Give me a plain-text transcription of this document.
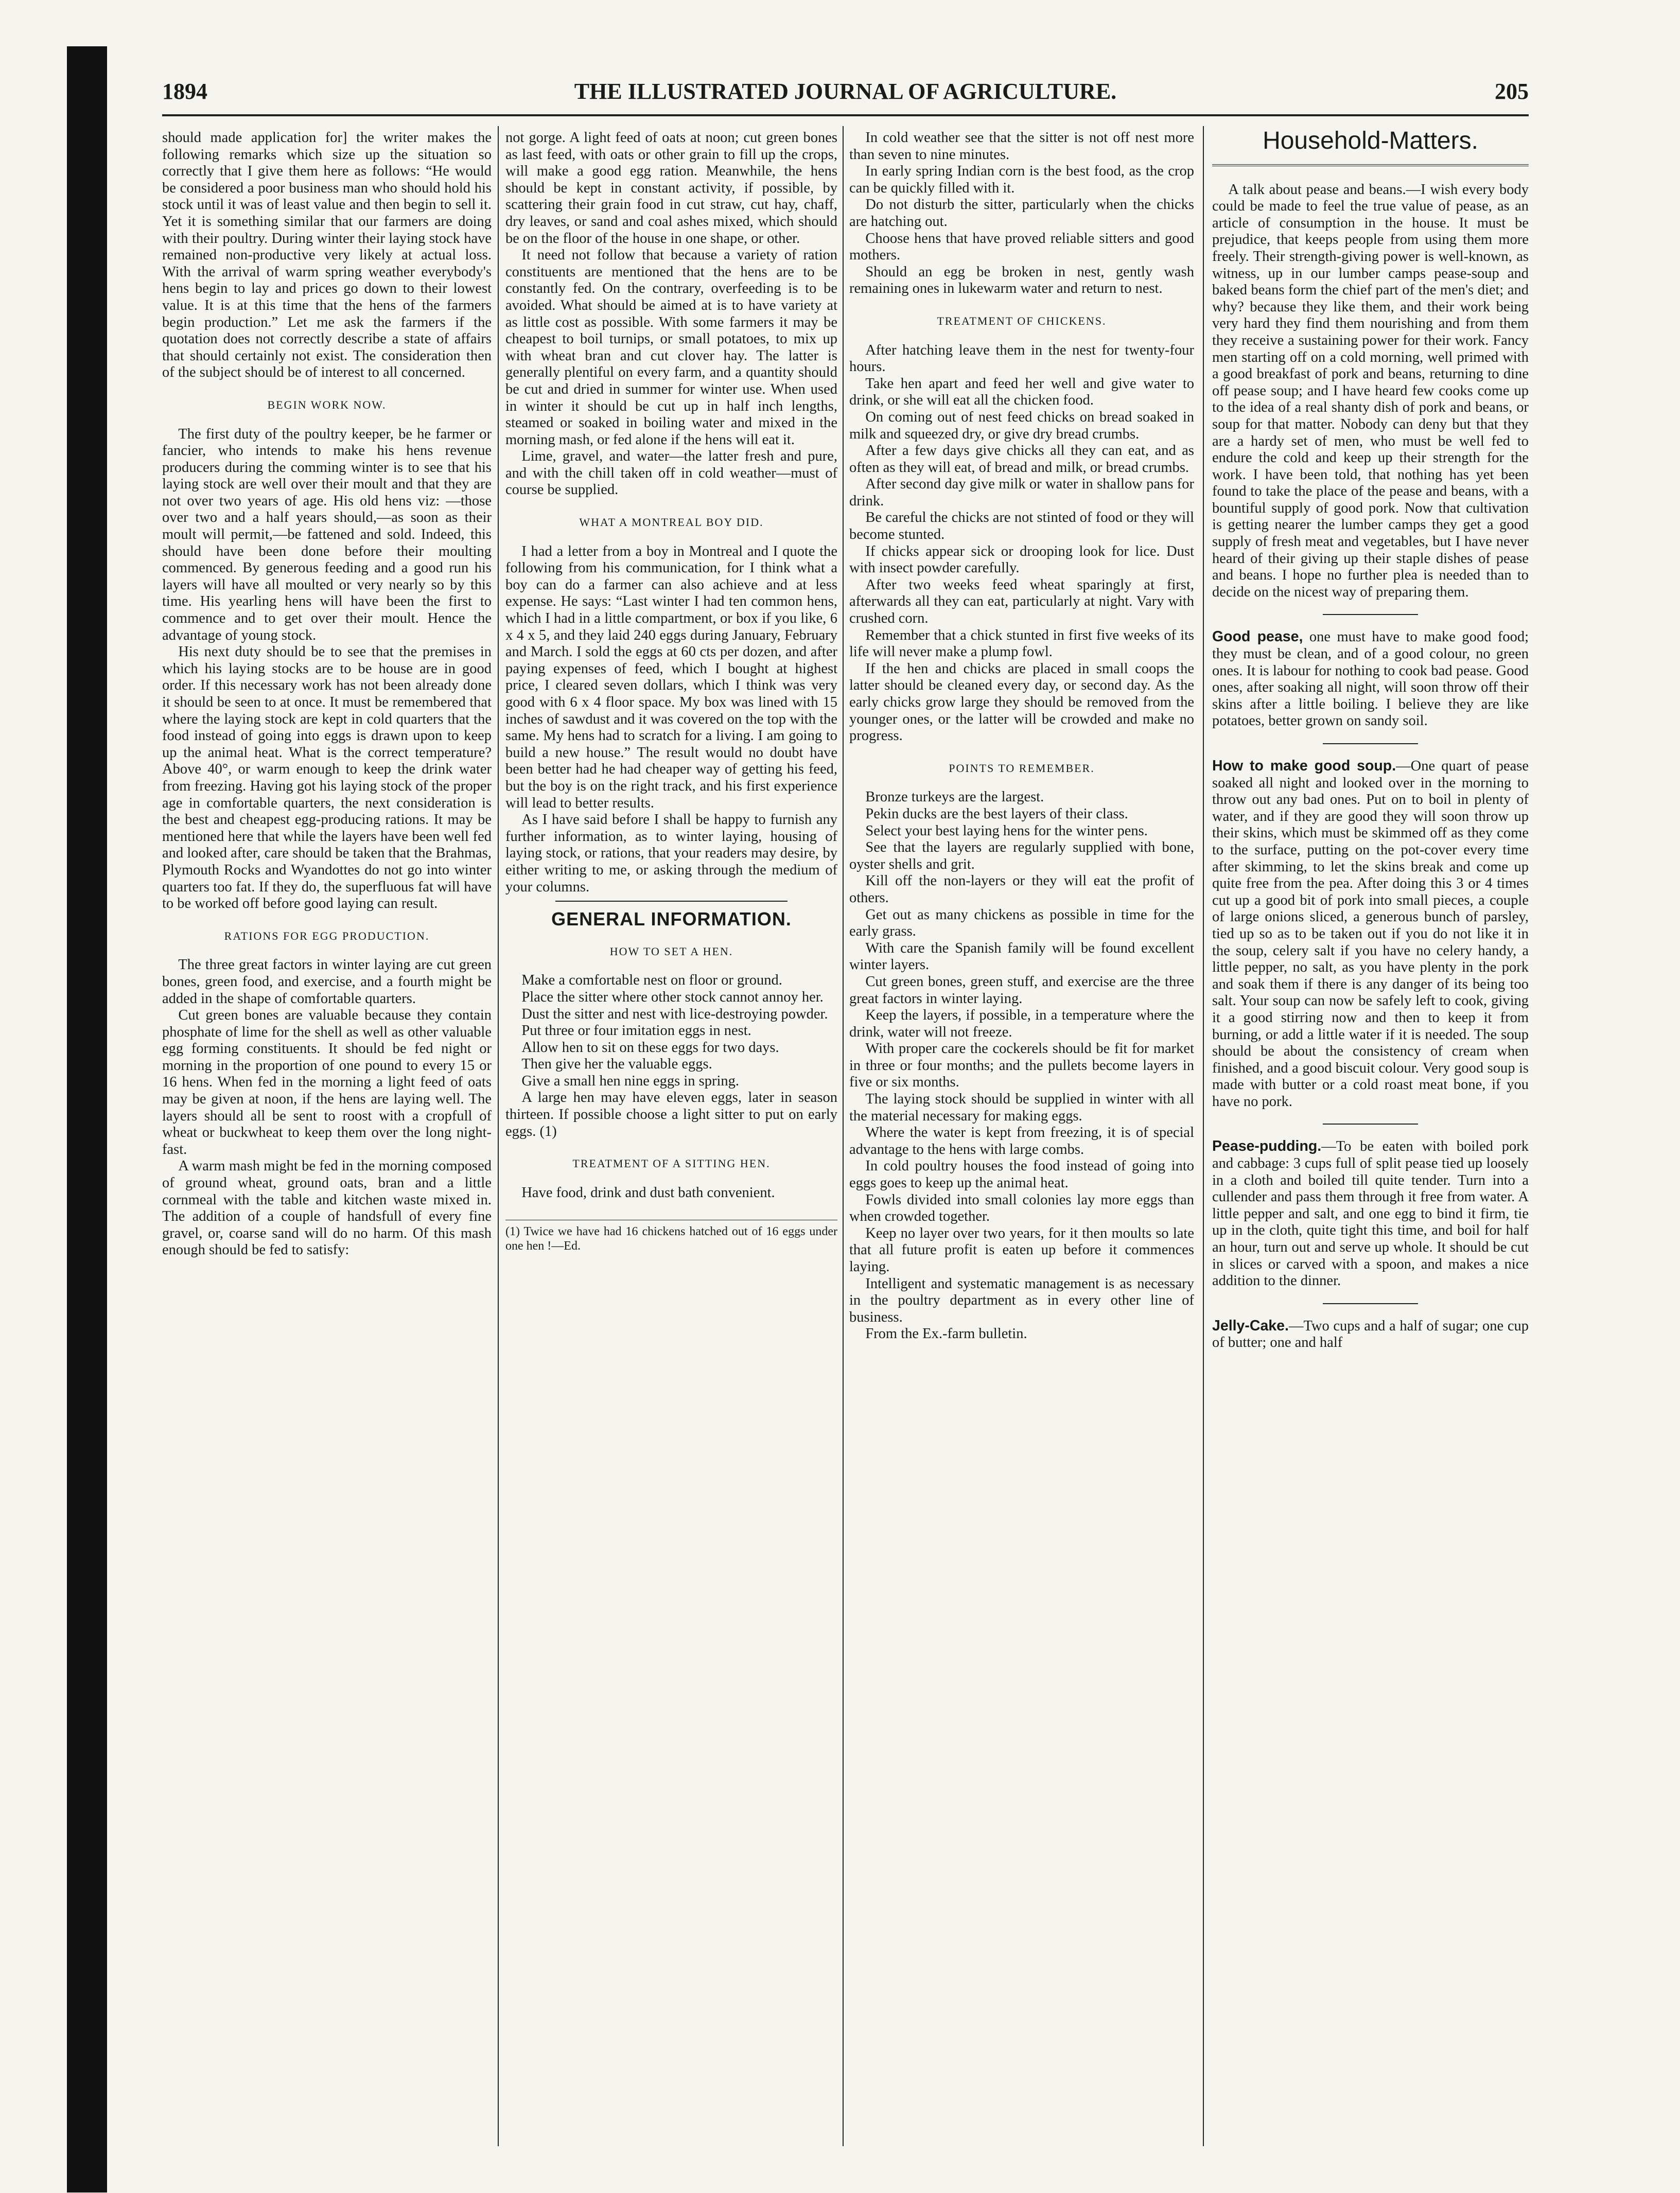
1894	THE ILLUSTRATED JOURNAL OF AGRICULTURE.	205

should made application for] the writer makes the following remarks which size up the situation so correctly that I give them here as follows: “He would be considered a poor business man who should hold his stock until it was of least value and then begin to sell it. Yet it is something similar that our farmers are doing with their poultry. During winter their laying stock have remained non-productive very likely at actual loss. With the arrival of warm spring weather everybody's hens begin to lay and prices go down to their lowest value. It is at this time that the hens of the farmers begin production.” Let me ask the farmers if the quotation does not correctly describe a state of affairs that should certainly not exist. The consideration then of the subject should be of interest to all concerned.

BEGIN WORK NOW.

The first duty of the poultry keeper, be he farmer or fancier, who intends to make his hens revenue producers during the comming winter is to see that his laying stock are well over their moult and that they are not over two years of age. His old hens viz: —those over two and a half years should,—as soon as their moult will permit,—be fattened and sold. Indeed, this should have been done before their moulting commenced. By generous feeding and a good run his layers will have all moulted or very nearly so by this time. His yearling hens will have been the first to commence and to get over their moult. Hence the advantage of young stock.

His next duty should be to see that the premises in which his laying stocks are to be house are in good order. If this necessary work has not been already done it should be seen to at once. It must be remembered that where the laying stock are kept in cold quarters that the food instead of going into eggs is drawn upon to keep up the animal heat. What is the correct temperature? Above 40°, or warm enough to keep the drink water from freezing. Having got his laying stock of the proper age in comfortable quarters, the next consideration is the best and cheapest egg-producing rations. It may be mentioned here that while the layers have been well fed and looked after, care should be taken that the Brahmas, Plymouth Rocks and Wyandottes do not go into winter quarters too fat. If they do, the superfluous fat will have to be worked off before good laying can result.

RATIONS FOR EGG PRODUCTION.

The three great factors in winter laying are cut green bones, green food, and exercise, and a fourth might be added in the shape of comfortable quarters.

Cut green bones are valuable because they contain phosphate of lime for the shell as well as other valuable egg forming constituents. It should be fed night or morning in the proportion of one pound to every 15 or 16 hens. When fed in the morning a light feed of oats may be given at noon, if the hens are laying well. The layers should all be sent to roost with a cropfull of wheat or buckwheat to keep them over the long night-fast.

A warm mash might be fed in the morning composed of ground wheat, ground oats, bran and a little cornmeal with the table and kitchen waste mixed in. The addition of a couple of handsfull of every fine gravel, or, coarse sand will do no harm. Of this mash enough should be fed to satisfy:

not gorge. A light feed of oats at noon; cut green bones as last feed, with oats or other grain to fill up the crops, will make a good egg ration. Meanwhile, the hens should be kept in constant activity, if possible, by scattering their grain food in cut straw, cut hay, chaff, dry leaves, or sand and coal ashes mixed, which should be on the floor of the house in one shape, or other.

It need not follow that because a variety of ration constituents are mentioned that the hens are to be constantly fed. On the contrary, overfeeding is to be avoided. What should be aimed at is to have variety at as little cost as possible. With some farmers it may be cheapest to boil turnips, or small potatoes, to mix up with wheat bran and cut clover hay. The latter is generally plentiful on every farm, and a quantity should be cut and dried in summer for winter use. When used in winter it should be cut up in half inch lengths, steamed or soaked in boiling water and mixed in the morning mash, or fed alone if the hens will eat it.

Lime, gravel, and water—the latter fresh and pure, and with the chill taken off in cold weather—must of course be supplied.

WHAT A MONTREAL BOY DID.

I had a letter from a boy in Montreal and I quote the following from his communication, for I think what a boy can do a farmer can also achieve and at less expense. He says: “Last winter I had ten common hens, which I had in a little compartment, or box if you like, 6 x 4 x 5, and they laid 240 eggs during January, February and March. I sold the eggs at 60 cts per dozen, and after paying expenses of feed, which I bought at highest price, I cleared seven dollars, which I think was very good with 6 x 4 floor space. My box was lined with 15 inches of sawdust and it was covered on the top with the same. My hens had to scratch for a living. I am going to build a new house.” The result would no doubt have been better had he had cheaper way of getting his feed, but the boy is on the right track, and his first experience will lead to better results.

As I have said before I shall be happy to furnish any further information, as to winter laying, housing of laying stock, or rations, that your readers may desire, by either writing to me, or asking through the medium of your columns.

GENERAL INFORMATION.
HOW TO SET A HEN.

Make a comfortable nest on floor or ground.

Place the sitter where other stock cannot annoy her.

Dust the sitter and nest with lice-destroying powder.

Put three or four imitation eggs in nest.

Allow hen to sit on these eggs for two days.

Then give her the valuable eggs.

Give a small hen nine eggs in spring.

A large hen may have eleven eggs, later in season thirteen. If possible choose a light sitter to put on early eggs. (1)

TREATMENT OF A SITTING HEN.

Have food, drink and dust bath convenient.

(1) Twice we have had 16 chickens hatched out of 16 eggs under one hen !—Ed.

In cold weather see that the sitter is not off nest more than seven to nine minutes.

In early spring Indian corn is the best food, as the crop can be quickly filled with it.

Do not disturb the sitter, particularly when the chicks are hatching out.

Choose hens that have proved reliable sitters and good mothers.

Should an egg be broken in nest, gently wash remaining ones in lukewarm water and return to nest.

TREATMENT OF CHICKENS.

After hatching leave them in the nest for twenty-four hours.

Take hen apart and feed her well and give water to drink, or she will eat all the chicken food.

On coming out of nest feed chicks on bread soaked in milk and squeezed dry, or give dry bread crumbs.

After a few days give chicks all they can eat, and as often as they will eat, of bread and milk, or bread crumbs.

After second day give milk or water in shallow pans for drink.

Be careful the chicks are not stinted of food or they will become stunted.

If chicks appear sick or drooping look for lice. Dust with insect powder carefully.

After two weeks feed wheat sparingly at first, afterwards all they can eat, particularly at night. Vary with crushed corn.

Remember that a chick stunted in first five weeks of its life will never make a plump fowl.

If the hen and chicks are placed in small coops the latter should be cleaned every day, or second day. As the early chicks grow large they should be removed from the younger ones, or the latter will be crowded and make no progress.

POINTS TO REMEMBER.

Bronze turkeys are the largest.

Pekin ducks are the best layers of their class.

Select your best laying hens for the winter pens.

See that the layers are regularly supplied with bone, oyster shells and grit.

Kill off the non-layers or they will eat the profit of others.

Get out as many chickens as possible in time for the early grass.

With care the Spanish family will be found excellent winter layers.

Cut green bones, green stuff, and exercise are the three great factors in winter laying.

Keep the layers, if possible, in a temperature where the drink, water will not freeze.

With proper care the cockerels should be fit for market in three or four months; and the pullets become layers in five or six months.

The laying stock should be supplied in winter with all the material necessary for making eggs.

Where the water is kept from freezing, it is of special advantage to the hens with large combs.

In cold poultry houses the food instead of going into eggs goes to keep up the animal heat.

Fowls divided into small colonies lay more eggs than when crowded together.

Keep no layer over two years, for it then moults so late that all future profit is eaten up before it commences laying.

Intelligent and systematic management is as necessary in the poultry department as in every other line of business.

From the Ex.-farm bulletin.

Household-Matters.

A talk about pease and beans.—I wish every body could be made to feel the true value of pease, as an article of consumption in the house. It must be prejudice, that keeps people from using them more freely. Their strength-giving power is well-known, as witness, up in our lumber camps pease-soup and baked beans form the chief part of the men's diet; and why? because they like them, and their work being very hard they find them nourishing and from them they receive a sustaining power for their work. Fancy men starting off on a cold morning, well primed with a good breakfast of pork and beans, returning to dine off pease soup; and I have heard few cooks come up to the idea of a real shanty dish of pork and beans, or soup for that matter. Nobody can deny but that they are a hardy set of men, who must be well fed to endure the cold and keep up their strength for the work. I have been told, that nothing has yet been found to take the place of the pease and beans, with a bountiful supply of good pork. Now that cultivation is getting nearer the lumber camps they get a good supply of fresh meat and vegetables, but I have never heard of their giving up their staple dishes of pease and beans. I hope no further plea is needed than to decide on the nicest way of preparing them.

Good pease, one must have to make good food; they must be clean, and of a good colour, no green ones. It is labour for nothing to cook bad pease. Good ones, after soaking all night, will soon throw off their skins after a little boiling. I believe they are like potatoes, better grown on sandy soil.

How to make good soup.—One quart of pease soaked all night and looked over in the morning to throw out any bad ones. Put on to boil in plenty of water, and if they are good they will soon throw up their skins, which must be skimmed off as they come to the surface, putting on the pot-cover every time after skimming, to let the skins break and come up quite free from the pea. After doing this 3 or 4 times cut up a good bit of pork into small pieces, a couple of large onions sliced, a generous bunch of parsley, tied up so as to be taken out if you do not like it in the soup, celery salt if you have no celery handy, a little pepper, no salt, as you have plenty in the pork and soak them if there is any danger of its being too salt. Your soup can now be safely left to cook, giving it a good stirring now and then to keep it from burning, or add a little water if it is needed. The soup should be about the consistency of cream when finished, and a good biscuit colour. Very good soup is made with butter or a cold roast meat bone, if you have no pork.

Pease-pudding.—To be eaten with boiled pork and cabbage: 3 cups full of split pease tied up loosely in a cloth and boiled till quite tender. Turn into a cullender and pass them through it free from water. A little pepper and salt, and one egg to bind it firm, tie up in the cloth, quite tight this time, and boil for half an hour, turn out and serve up whole. It should be cut in slices or carved with a spoon, and makes a nice addition to the dinner.

Jelly-Cake.—Two cups and a half of sugar; one cup of butter; one and half
